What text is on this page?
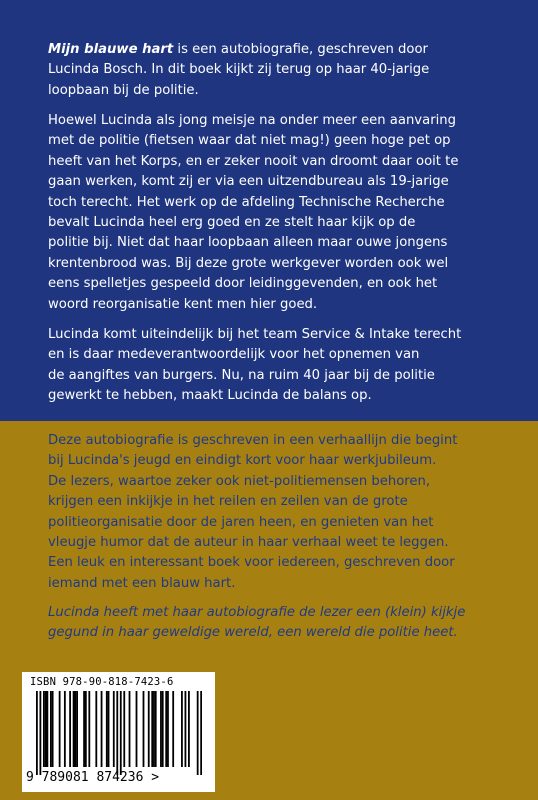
Mijn blauwe hart is een autobiografie, geschreven door
Lucinda Bosch. In dit boek kijkt zij terug op haar 40-jarige
loopbaan bij de politie.

Hoewel Lucinda als jong meisje na onder meer een aanvaring
met de politie (fietsen waar dat niet mag!) geen hoge pet op
heeft van het Korps, en er zeker nooit van droomt daar ooit te
gaan werken, komt zij er via een uitzendbureau als 19-jarige
toch terecht. Het werk op de afdeling Technische Recherche
bevalt Lucinda heel erg goed en ze stelt haar kijk op de
politie bij. Niet dat haar loopbaan alleen maar ouwe jongens
krentenbrood was. Bij deze grote werkgever worden ook wel
eens spelletjes gespeeld door leidinggevenden, en ook het
woord reorganisatie kent men hier goed.

Lucinda komt uiteindelijk bij het team Service & Intake terecht
en is daar medeverantwoordelijk voor het opnemen van
de aangiftes van burgers. Nu, na ruim 40 jaar bij de politie
gewerkt te hebben, maakt Lucinda de balans op.

Deze autobiografie is geschreven in een verhaallijn die begint
bij Lucinda's jeugd en eindigt kort voor haar werkjubileum.
De lezers, waartoe zeker ook niet-politiemensen behoren,
krijgen een inkijkje in het reilen en zeilen van de grote
politieorganisatie door de jaren heen, en genieten van het
vleugje humor dat de auteur in haar verhaal weet te leggen.
Een leuk en interessant boek voor iedereen, geschreven door
iemand met een blauw hart.

Lucinda heeft met haar autobiografie de lezer een (klein) kijkje
gegund in haar geweldige wereld, een wereld die politie heet.

ISBN 978-90-818-7423-6
9 789081 874236 >
